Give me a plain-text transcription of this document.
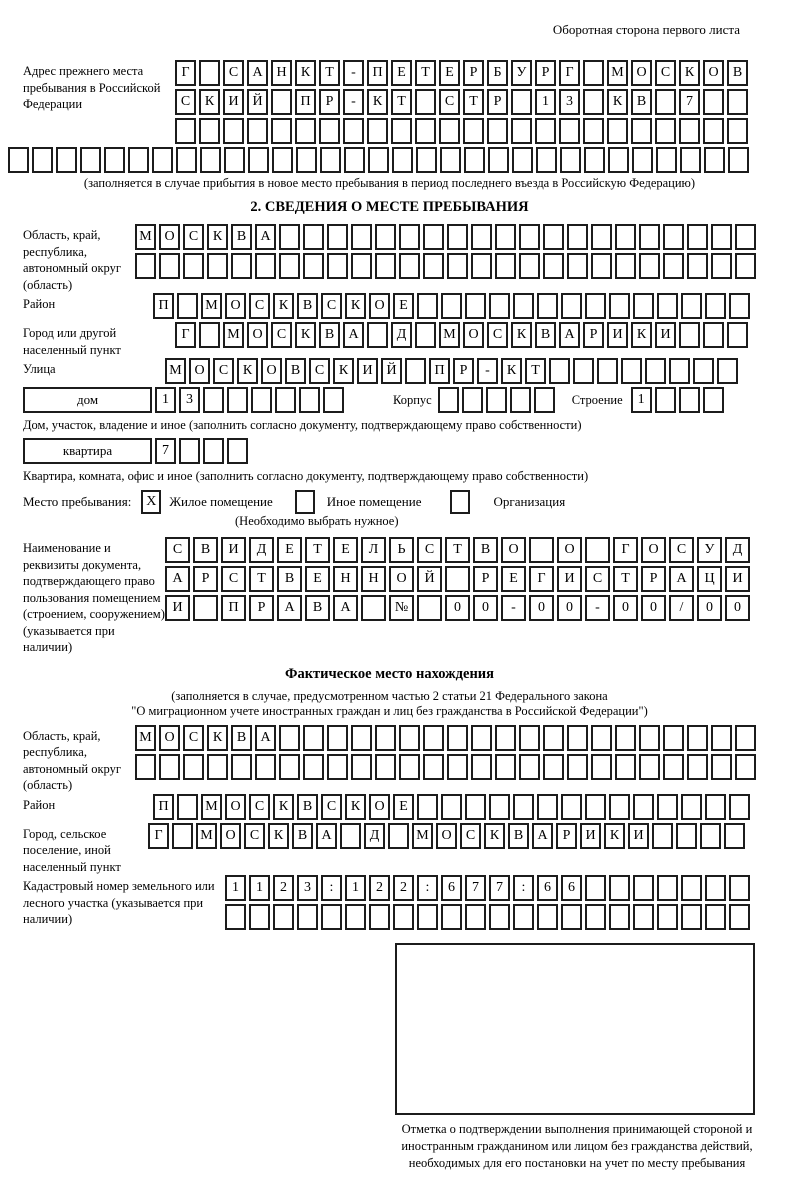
Оборотная сторона первого листа
Адрес прежнего места пребывания в Российской Федерации
Г	С А Н К Т - П Е Т Е Р Б У Р Г	М О С К О В
С К И Й	П Р - К Т	С Т Р	1 3	К В	7
(заполняется в случае прибытия в новое место пребывания в период последнего въезда в Российскую Федерацию)
2. СВЕДЕНИЯ О МЕСТЕ ПРЕБЫВАНИЯ
Область, край, республика, автономный округ (область)
М О С К В А
Район	П	М О С К В С К О Е
Город или другой населенный пункт
Г	М О С К В А	Д	М О С К В А Р И К И
Улица	М О С К О В С К И Й	П Р - К Т
дом	1 3	Корпус	Строение	1
Дом, участок, владение и иное (заполнить согласно документу, подтверждающему право собственности)
квартира	7
Квартира, комната, офис и иное (заполнить согласно документу, подтверждающему право собственности)
Место пребывания:	X Жилое помещение	Иное помещение	Организация
(Необходимо выбрать нужное)
Наименование и реквизиты документа, подтверждающего право пользования помещением (строением, сооружением) (указывается при наличии)
С В И Д Е Т Е Л Ь С Т В О	О	Г О С У Д
А Р С Т В Е Н Н О Й	Р Е Г И С Т Р А Ц И
И	П Р А В А	№	0 0 - 0 0 - 0 0 / 0 0
Фактическое место нахождения
(заполняется в случае, предусмотренном частью 2 статьи 21 Федерального закона
"О миграционном учете иностранных граждан и лиц без гражданства в Российской Федерации")
Область, край, республика, автономный округ (область)
М О С К В А
Район	П	М О С К В С К О Е
Город, сельское поселение, иной населенный пункт
Г	М О С К В А	Д	М О С К В А Р И К И
Кадастровый номер земельного или лесного участка (указывается при наличии)
1 1 2 3 : 1 2 2 : 6 7 7 : 6 6
Отметка о подтверждении выполнения принимающей стороной и иностранным гражданином или лицом без гражданства действий, необходимых для его постановки на учет по месту пребывания
